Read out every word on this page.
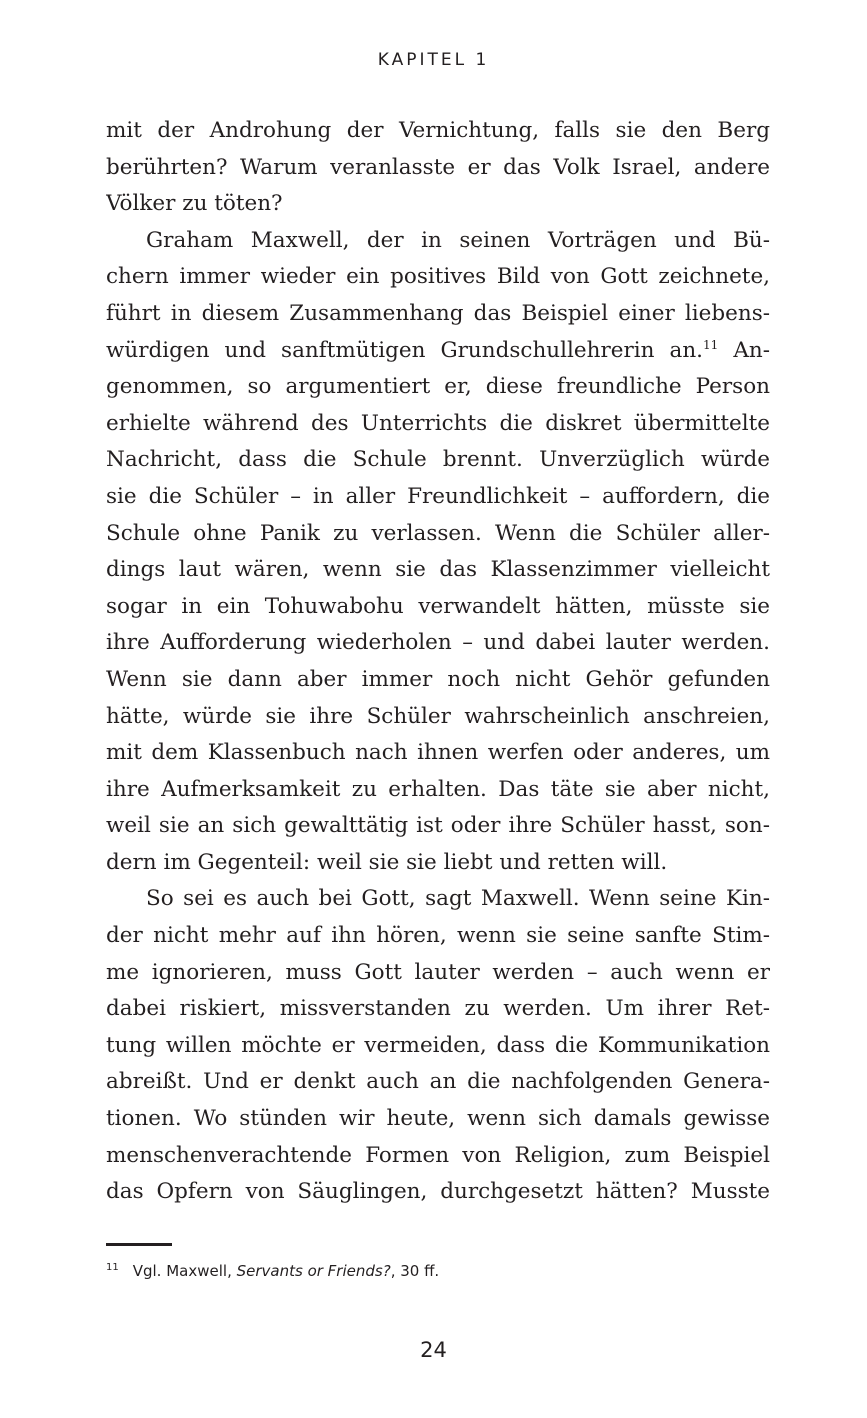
KAPITEL 1
mit der Androhung der Vernichtung, falls sie den Berg
berührten? Warum veranlasste er das Volk Israel, andere
Völker zu töten?
Graham Maxwell, der in seinen Vorträgen und Bü-
chern immer wieder ein positives Bild von Gott zeichnete,
führt in diesem Zusammenhang das Beispiel einer liebens-
würdigen und sanftmütigen Grundschullehrerin an.$^{11}$ An-
genommen, so argumentiert er, diese freundliche Person
erhielte während des Unterrichts die diskret übermittelte
Nachricht, dass die Schule brennt. Unverzüglich würde
sie die Schüler – in aller Freundlichkeit – auffordern, die
Schule ohne Panik zu verlassen. Wenn die Schüler aller-
dings laut wären, wenn sie das Klassenzimmer vielleicht
sogar in ein Tohuwabohu verwandelt hätten, müsste sie
ihre Aufforderung wiederholen – und dabei lauter werden.
Wenn sie dann aber immer noch nicht Gehör gefunden
hätte, würde sie ihre Schüler wahrscheinlich anschreien,
mit dem Klassenbuch nach ihnen werfen oder anderes, um
ihre Aufmerksamkeit zu erhalten. Das täte sie aber nicht,
weil sie an sich gewalttätig ist oder ihre Schüler hasst, son-
dern im Gegenteil: weil sie sie liebt und retten will.
So sei es auch bei Gott, sagt Maxwell. Wenn seine Kin-
der nicht mehr auf ihn hören, wenn sie seine sanfte Stim-
me ignorieren, muss Gott lauter werden – auch wenn er
dabei riskiert, missverstanden zu werden. Um ihrer Ret-
tung willen möchte er vermeiden, dass die Kommunikation
abreißt. Und er denkt auch an die nachfolgenden Genera-
tionen. Wo stünden wir heute, wenn sich damals gewisse
menschenverachtende Formen von Religion, zum Beispiel
das Opfern von Säuglingen, durchgesetzt hätten? Musste
$^{11}$ Vgl. Maxwell, Servants or Friends?, 30 ff.
24
